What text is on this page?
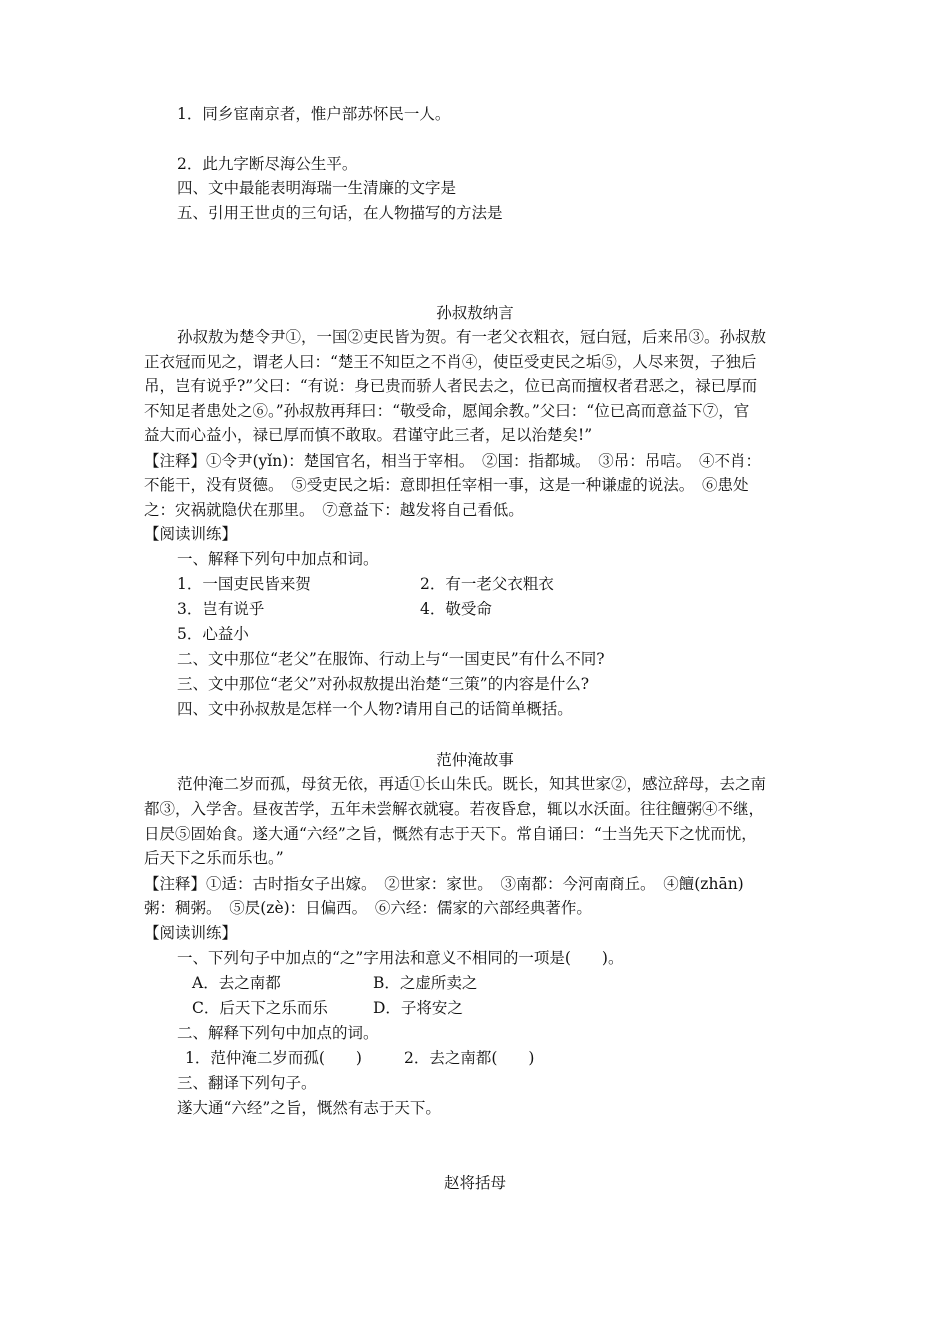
1．同乡宦南京者，惟户部苏怀民一人。
2．此九字断尽海公生平。
四、文中最能表明海瑞一生清廉的文字是
五、引用王世贞的三句话，在人物描写的方法是
孙叔敖纳言
孙叔敖为楚令尹①，一国②吏民皆为贺。有一老父衣粗衣，冠白冠，后来吊③。孙叔敖
正衣冠而见之，谓老人曰：“楚王不知臣之不肖④，使臣受吏民之垢⑤，人尽来贺，子独后
吊，岂有说乎?”父曰：“有说：身已贵而骄人者民去之，位已高而擅权者君恶之，禄已厚而
不知足者患处之⑥。”孙叔敖再拜曰：“敬受命，愿闻余教。”父曰：“位已高而意益下⑦，官
益大而心益小，禄已厚而慎不敢取。君谨守此三者，足以治楚矣!”
【注释】①令尹(yǐn)：楚国官名，相当于宰相。　②国：指都城。　③吊：吊唁。　④不肖：
不能干，没有贤德。　⑤受吏民之垢：意即担任宰相一事，这是一种谦虚的说法。　⑥患处
之：灾祸就隐伏在那里。　⑦意益下：越发将自己看低。
【阅读训练】
一、解释下列句中加点和词。
1．一国吏民皆来贺	2．有一老父衣粗衣
3．岂有说乎	4．敬受命
5．心益小
二、文中那位“老父”在服饰、行动上与“一国吏民”有什么不同?
三、文中那位“老父”对孙叔敖提出治楚“三策”的内容是什么?
四、文中孙叔敖是怎样一个人物?请用自己的话简单概括。
范仲淹故事
范仲淹二岁而孤，母贫无依，再适①长山朱氏。既长，知其世家②，感泣辞母，去之南
都③，入学舍。昼夜苦学，五年未尝解衣就寝。若夜昏怠，辄以水沃面。往往饘粥④不继，
日昃⑤固始食。遂大通“六经”之旨，慨然有志于天下。常自诵曰：“士当先天下之忧而忧，
后天下之乐而乐也。”
【注释】①适：古时指女子出嫁。　②世家：家世。　③南都：今河南商丘。　④饘(zhān)
粥：稠粥。　⑤昃(zè)：日偏西。　⑥六经：儒家的六部经典著作。
【阅读训练】
一、下列句子中加点的“之”字用法和意义不相同的一项是(　　)。
A．去之南都	B．之虚所卖之
C．后天下之乐而乐	D．子将安之
二、解释下列句中加点的词。
1．范仲淹二岁而孤(　　)	2．去之南都(　　)
三、翻译下列句子。
遂大通“六经”之旨，慨然有志于天下。
赵将括母
